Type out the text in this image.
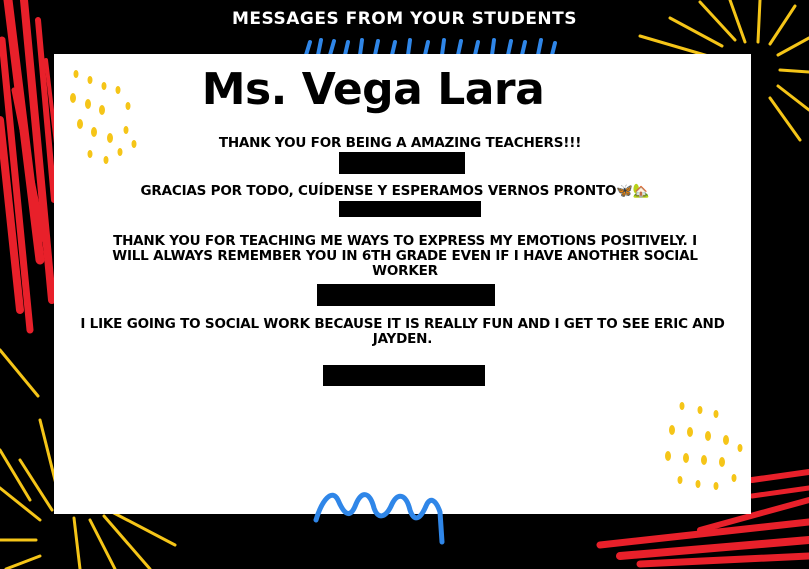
MESSAGES FROM YOUR STUDENTS
Ms. Vega Lara
THANK YOU FOR BEING A AMAZING TEACHERS!!!
GRACIAS POR TODO, CUÍDENSE Y ESPERAMOS VERNOS PRONTO🦋🏡
THANK YOU FOR TEACHING ME WAYS TO EXPRESS MY EMOTIONS POSITIVELY. I WILL ALWAYS REMEMBER YOU IN 6TH GRADE EVEN IF I HAVE ANOTHER SOCIAL WORKER
I LIKE GOING TO SOCIAL WORK BECAUSE IT IS REALLY FUN AND I GET TO SEE ERIC AND JAYDEN.
